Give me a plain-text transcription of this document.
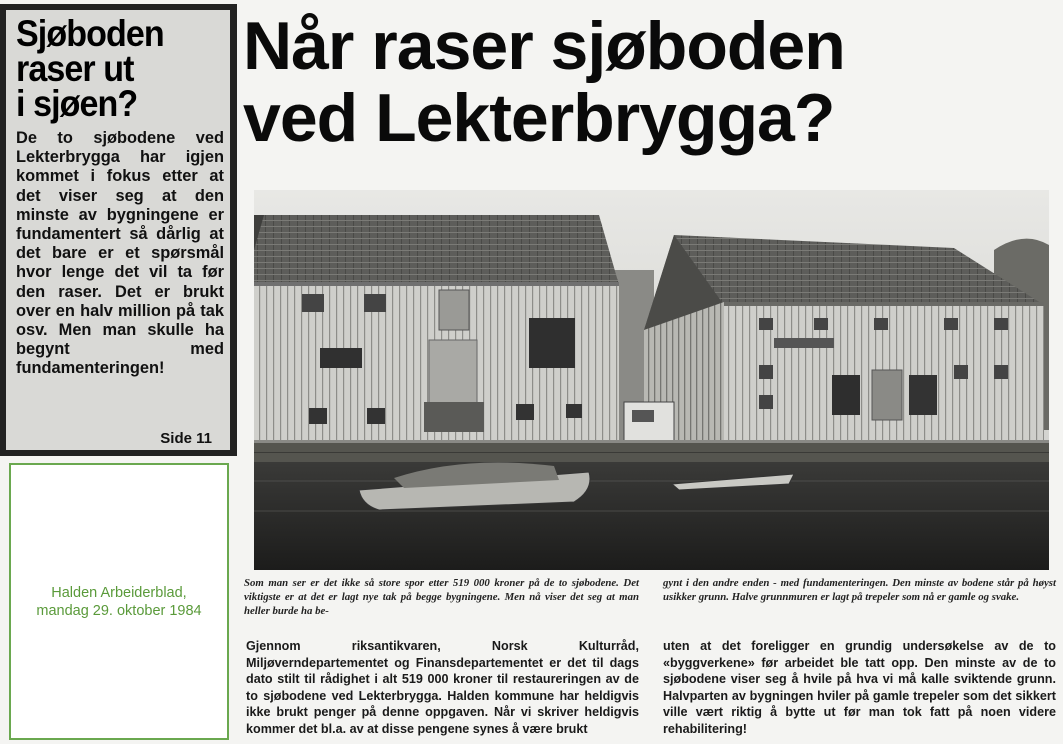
Sjøboden
raser ut
i sjøen?

De to sjøbodene ved Lekterbrygga har igjen kommet i fokus etter at det viser seg at den minste av bygningene er fundamentert så dårlig at det bare er et spørsmål hvor lenge det vil ta før den raser. Det er brukt over en halv million på tak osv. Men man skulle ha begynt med fundamenteringen!

Side 11

Halden Arbeiderblad,
mandag 29. oktober 1984

Når raser sjøboden
ved Lekterbrygga?

Som man ser er det ikke så store spor etter 519 000 kroner på de to sjøbodene. Det viktigste er at det er lagt nye tak på begge bygningene. Men nå viser det seg at man heller burde ha be-

gynt i den andre enden - med fundamenteringen. Den minste av bodene står på høyst usikker grunn. Halve grunnmuren er lagt på trepeler som nå er gamle og svake.

Gjennom riksantikvaren, Norsk Kulturråd, Miljøverndepartementet og Finansdepartementet er det til dags dato stilt til rådighet i alt 519 000 kroner til restaureringen av de to sjøbodene ved Lekterbrygga. Halden kommune har heldigvis ikke brukt penger på denne oppgaven. Når vi skriver heldigvis kommer det bl.a. av at disse pengene synes å være brukt

uten at det foreligger en grundig undersøkelse av de to «byggverkene» før arbeidet ble tatt opp. Den minste av de to sjøbodene viser seg å hvile på hva vi må kalle sviktende grunn. Halvparten av bygningen hviler på gamle trepeler som det sikkert ville vært riktig å bytte ut før man tok fatt på noen videre rehabilitering!
